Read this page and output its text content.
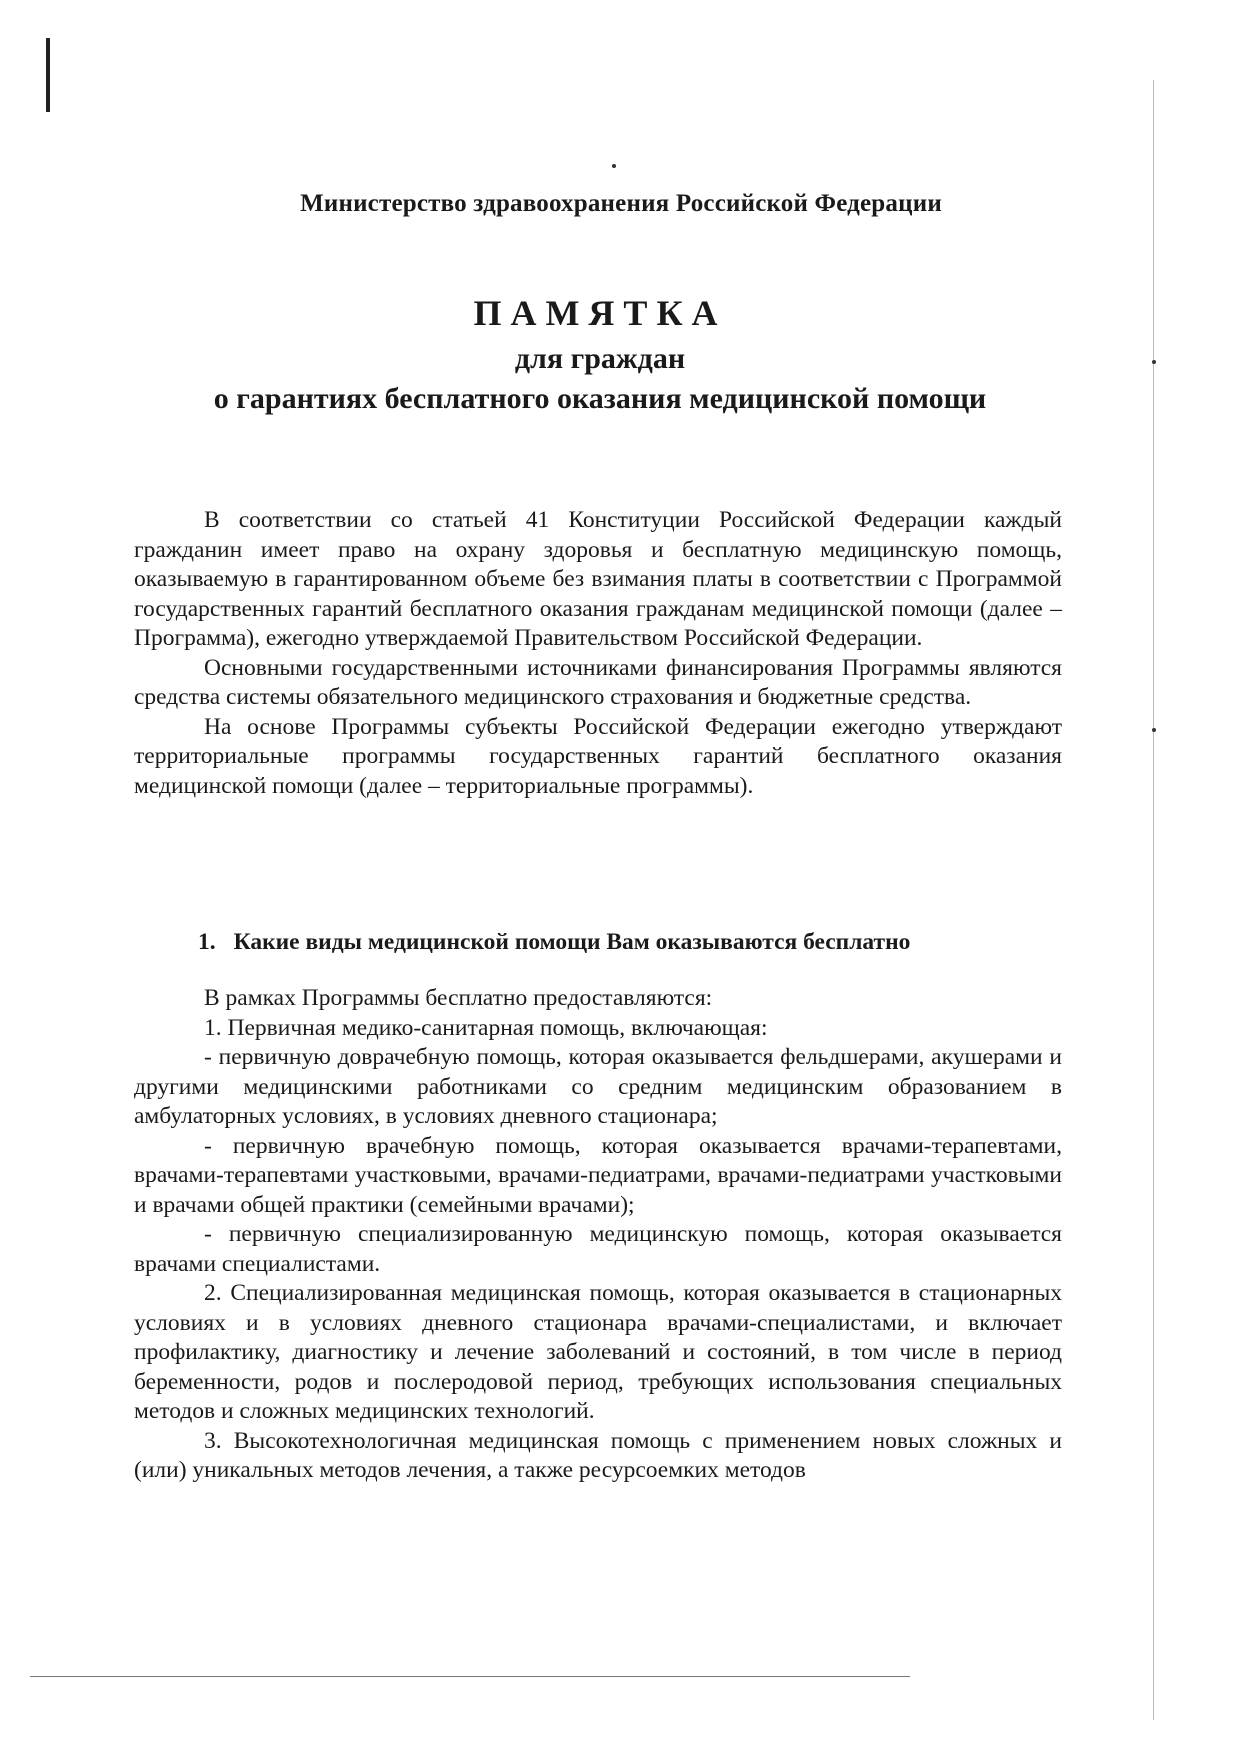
Министерство здравоохранения Российской Федерации
ПАМЯТКА
для граждан
о гарантиях бесплатного оказания медицинской помощи

В соответствии со статьей 41 Конституции Российской Федерации каждый гражданин имеет право на охрану здоровья и бесплатную медицинскую помощь, оказываемую в гарантированном объеме без взимания платы в соответствии с Программой государственных гарантий бесплатного оказания гражданам медицинской помощи (далее – Программа), ежегодно утверждаемой Правительством Российской Федерации.

Основными государственными источниками финансирования Программы являются средства системы обязательного медицинского страхования и бюджетные средства.

На основе Программы субъекты Российской Федерации ежегодно утверждают территориальные программы государственных гарантий бесплатного оказания медицинской помощи (далее – территориальные программы).

1. Какие виды медицинской помощи Вам оказываются бесплатно

В рамках Программы бесплатно предоставляются:

1. Первичная медико-санитарная помощь, включающая:

- первичную доврачебную помощь, которая оказывается фельдшерами, акушерами и другими медицинскими работниками со средним медицинским образованием в амбулаторных условиях, в условиях дневного стационара;

- первичную врачебную помощь, которая оказывается врачами-терапевтами, врачами-терапевтами участковыми, врачами-педиатрами, врачами-педиатрами участковыми и врачами общей практики (семейными врачами);

- первичную специализированную медицинскую помощь, которая оказывается врачами специалистами.

2. Специализированная медицинская помощь, которая оказывается в стационарных условиях и в условиях дневного стационара врачами-специалистами, и включает профилактику, диагностику и лечение заболеваний и состояний, в том числе в период беременности, родов и послеродовой период, требующих использования специальных методов и сложных медицинских технологий.

3. Высокотехнологичная медицинская помощь с применением новых сложных и (или) уникальных методов лечения, а также ресурсоемких методов
